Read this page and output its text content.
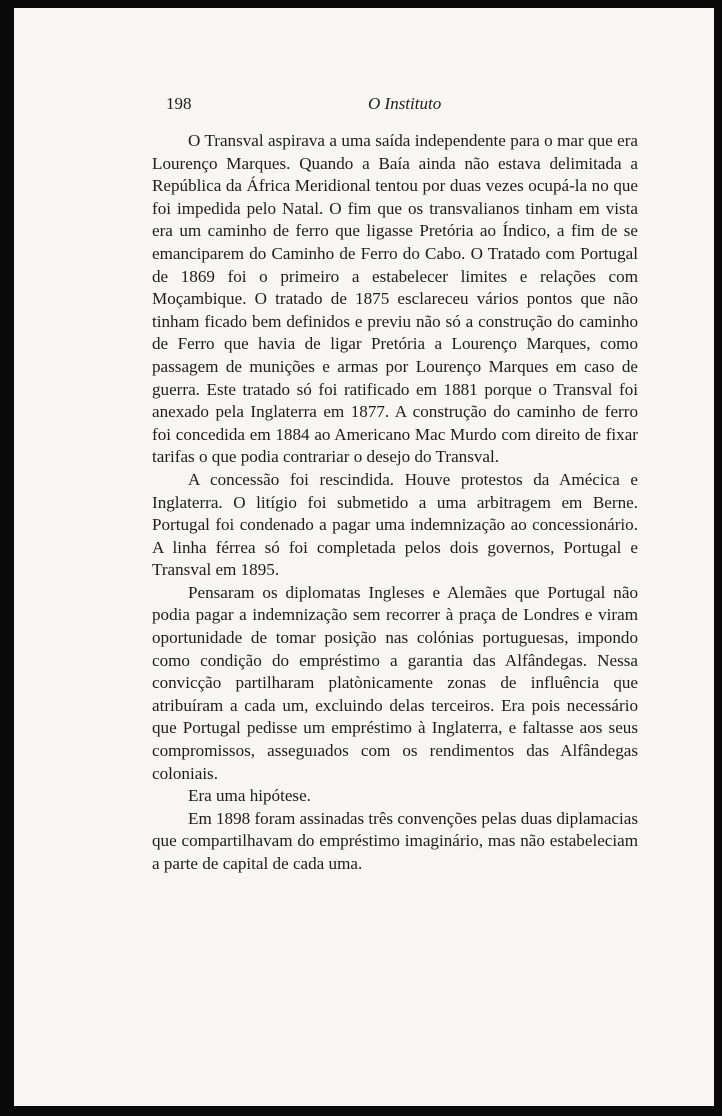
198	O Instituto

O Transval aspirava a uma saída independente para o mar que era Lourenço Marques. Quando a Baía ainda não estava delimitada a República da África Meridional tentou por duas vezes ocupá-la no que foi impedida pelo Natal. O fim que os transvalianos tinham em vista era um caminho de ferro que ligasse Pretória ao Índico, a fim de se emanciparem do Caminho de Ferro do Cabo. O Tratado com Portugal de 1869 foi o primeiro a estabelecer limites e relações com Moçambique. O tratado de 1875 esclareceu vários pontos que não tinham ficado bem definidos e previu não só a construção do caminho de Ferro que havia de ligar Pretória a Lourenço Marques, como passagem de munições e armas por Lourenço Marques em caso de guerra. Este tratado só foi ratificado em 1881 porque o Transval foi anexado pela Inglaterra em 1877. A construção do caminho de ferro foi concedida em 1884 ao Americano Mac Murdo com direito de fixar tarifas o que podia contrariar o desejo do Transval.

A concessão foi rescindida. Houve protestos da Amécica e Inglaterra. O litígio foi submetido a uma arbitragem em Berne. Portugal foi condenado a pagar uma indemnização ao concessionário. A linha férrea só foi completada pelos dois governos, Portugal e Transval em 1895.

Pensaram os diplomatas Ingleses e Alemães que Portugal não podia pagar a indemnização sem recorrer à praça de Londres e viram oportunidade de tomar posição nas colónias portuguesas, impondo como condição do empréstimo a garantia das Alfândegas. Nessa convicção partilharam platònicamente zonas de influência que atribuíram a cada um, excluindo delas terceiros. Era pois necessário que Portugal pedisse um empréstimo à Inglaterra, e faltasse aos seus compromissos, asseguıados com os rendimentos das Alfândegas coloniais.

Era uma hipótese.

Em 1898 foram assinadas três convenções pelas duas diplamacias que compartilhavam do empréstimo imaginário, mas não estabeleciam a parte de capital de cada uma.
